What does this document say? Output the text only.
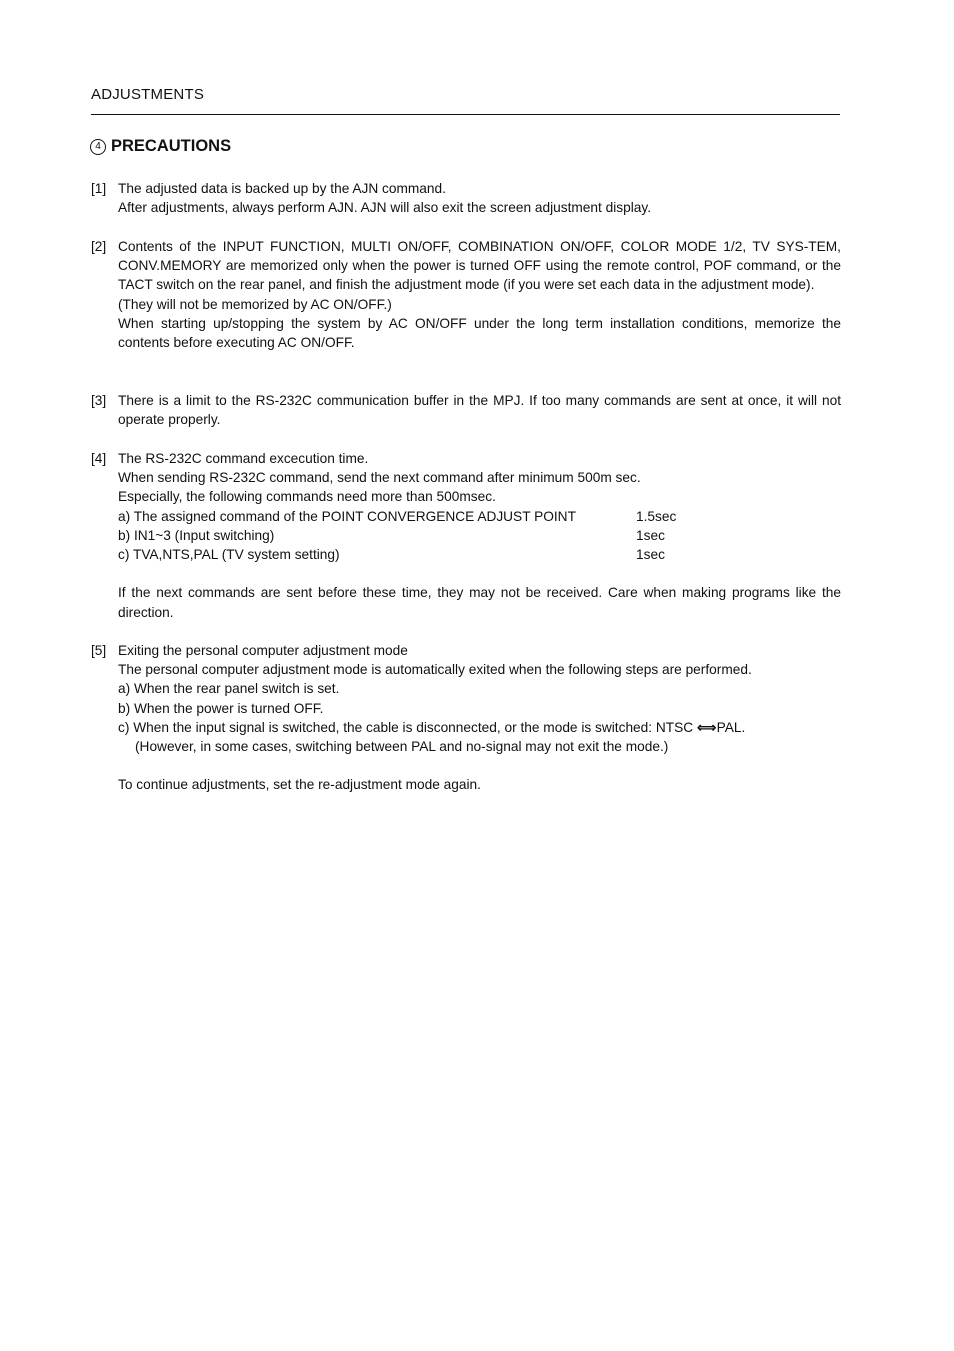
ADJUSTMENTS
4 PRECAUTIONS
[1] The adjusted data is backed up by the AJN command.

After adjustments, always perform AJN. AJN will also exit the screen adjustment display.

[2] Contents of the INPUT FUNCTION, MULTI ON/OFF, COMBINATION ON/OFF, COLOR MODE 1/2, TV SYS-TEM, CONV.MEMORY are memorized only when the power is turned OFF using the remote control, POF command, or the TACT switch on the rear panel, and finish the adjustment mode (if you were set each data in the adjustment mode).

(They will not be memorized by AC ON/OFF.)

When starting up/stopping the system by AC ON/OFF under the long term installation conditions, memorize the contents before executing AC ON/OFF.

[3] There is a limit to the RS-232C communication buffer in the MPJ. If too many commands are sent at once, it will not operate properly.

[4] The RS-232C command excecution time.

When sending RS-232C command, send the next command after minimum 500m sec.

Especially, the following commands need more than 500msec.

a) The assigned command of the POINT CONVERGENCE ADJUST POINT	1.5sec
b) IN1~3 (Input switching)	1sec
c) TVA,NTS,PAL (TV system setting)	1sec

If the next commands are sent before these time, they may not be received. Care when making programs like the direction.

[5] Exiting the personal computer adjustment mode

The personal computer adjustment mode is automatically exited when the following steps are performed.

a) When the rear panel switch is set.

b) When the power is turned OFF.

c) When the input signal is switched, the cable is disconnected, or the mode is switched: NTSC ⟺PAL.

(However, in some cases, switching between PAL and no-signal may not exit the mode.)

To continue adjustments, set the re-adjustment mode again.
